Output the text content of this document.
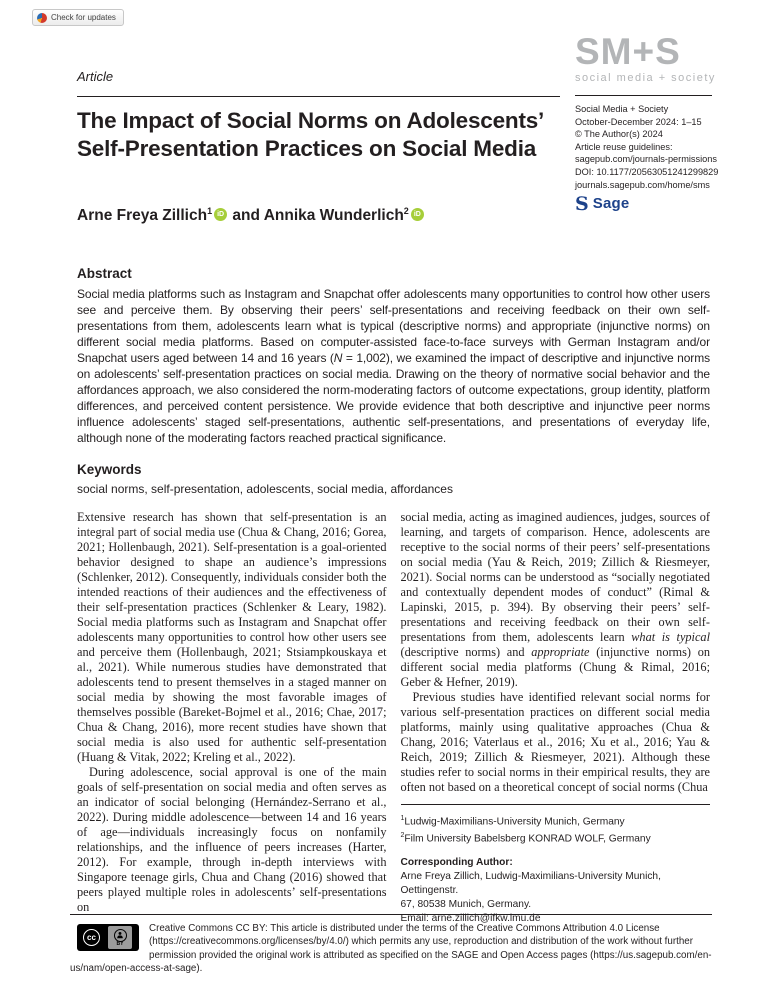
Check for updates
Article
SM+S
social media + society
The Impact of Social Norms on Adolescents’
Self-Presentation Practices on Social Media
Social Media + Society
October-December 2024: 1–15
© The Author(s) 2024
Article reuse guidelines:
sagepub.com/journals-permissions
DOI: 10.1177/20563051241299829
journals.sagepub.com/home/sms
S Sage
Arne Freya Zillich$^1$ iD and Annika Wunderlich$^2$ iD
Abstract

Social media platforms such as Instagram and Snapchat offer adolescents many opportunities to control how other users see and perceive them. By observing their peers’ self-presentations and receiving feedback on their own self-presentations from them, adolescents learn what is typical (descriptive norms) and appropriate (injunctive norms) on different social media platforms. Based on computer-assisted face-to-face surveys with German Instagram and/or Snapchat users aged between 14 and 16 years (N = 1,002), we examined the impact of descriptive and injunctive norms on adolescents’ self-presentation practices on social media. Drawing on the theory of normative social behavior and the affordances approach, we also considered the norm-moderating factors of outcome expectations, group identity, platform differences, and perceived content persistence. We provide evidence that both descriptive and injunctive peer norms influence adolescents’ staged self-presentations, authentic self-presentations, and presentations of everyday life, although none of the moderating factors reached practical significance.

Keywords
social norms, self-presentation, adolescents, social media, affordances

Extensive research has shown that self-presentation is an integral part of social media use (Chua & Chang, 2016; Gorea, 2021; Hollenbaugh, 2021). Self-presentation is a goal-oriented behavior designed to shape an audience’s impressions (Schlenker, 2012). Consequently, individuals consider both the intended reactions of their audiences and the effectiveness of their self-presentation practices (Schlenker & Leary, 1982). Social media platforms such as Instagram and Snapchat offer adolescents many opportunities to control how other users see and perceive them (Hollenbaugh, 2021; Stsiampkouskaya et al., 2021). While numerous studies have demonstrated that adolescents tend to present themselves in a staged manner on social media by showing the most favorable images of themselves possible (Bareket-Bojmel et al., 2016; Chae, 2017; Chua & Chang, 2016), more recent studies have shown that social media is also used for authentic self-presentation (Huang & Vitak, 2022; Kreling et al., 2022).

During adolescence, social approval is one of the main goals of self-presentation on social media and often serves as an indicator of social belonging (Hernández-Serrano et al., 2022). During middle adolescence—between 14 and 16 years of age—individuals increasingly focus on nonfamily relationships, and the influence of peers increases (Harter, 2012). For example, through in-depth interviews with Singapore teenage girls, Chua and Chang (2016) showed that peers played multiple roles in adolescents’ self-presentations on

social media, acting as imagined audiences, judges, sources of learning, and targets of comparison. Hence, adolescents are receptive to the social norms of their peers’ self-presentations on social media (Yau & Reich, 2019; Zillich & Riesmeyer, 2021). Social norms can be understood as “socially negotiated and contextually dependent modes of conduct” (Rimal & Lapinski, 2015, p. 394). By observing their peers’ self-presentations and receiving feedback on their own self-presentations from them, adolescents learn what is typical (descriptive norms) and appropriate (injunctive norms) on different social media platforms (Chung & Rimal, 2016; Geber & Hefner, 2019).

Previous studies have identified relevant social norms for various self-presentation practices on different social media platforms, mainly using qualitative approaches (Chua & Chang, 2016; Vaterlaus et al., 2016; Xu et al., 2016; Yau & Reich, 2019; Zillich & Riesmeyer, 2021). Although these studies refer to social norms in their empirical results, they are often not based on a theoretical concept of social norms (Chua

$^1$Ludwig-Maximilians-University Munich, Germany
$^2$Film University Babelsberg KONRAD WOLF, Germany
Corresponding Author:
Arne Freya Zillich, Ludwig-Maximilians-University Munich, Oettingenstr.
67, 80538 Munich, Germany.
Email: arne.zillich@ifkw.lmu.de
cc
BY
Creative Commons CC BY: This article is distributed under the terms of the Creative Commons Attribution 4.0 License (https://creativecommons.org/licenses/by/4.0/) which permits any use, reproduction and distribution of the work without further permission provided the original work is attributed as specified on the SAGE and Open Access pages (https://us.sagepub.com/en-us/nam/open-access-at-sage).
